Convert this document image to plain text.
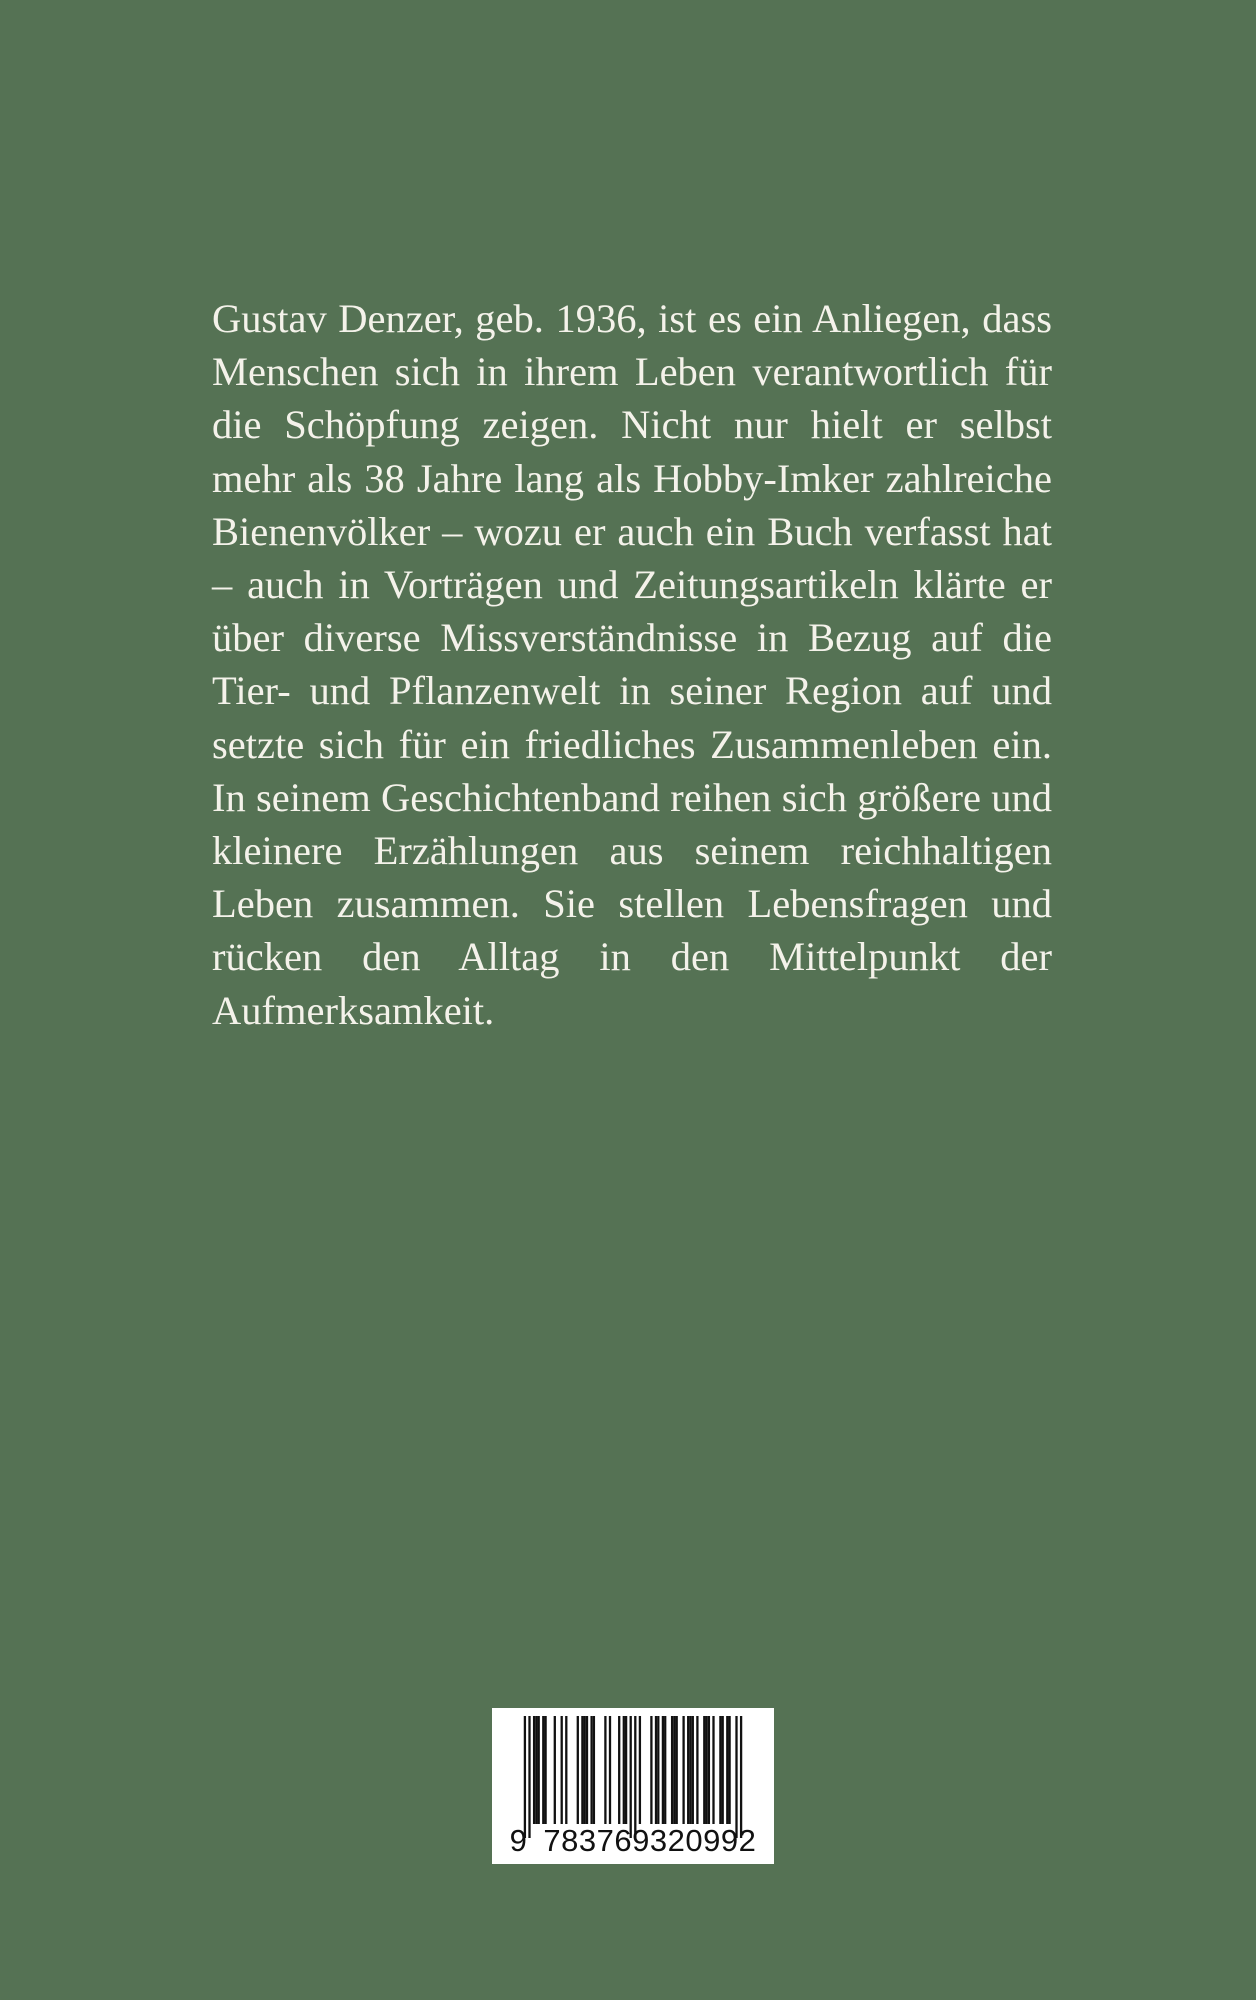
Gustav Denzer, geb. 1936, ist es ein Anliegen, dass Menschen sich in ihrem Leben verantwortlich für die Schöpfung zeigen. Nicht nur hielt er selbst mehr als 38 Jahre lang als Hobby-Imker zahlreiche Bienenvölker – wozu er auch ein Buch verfasst hat – auch in Vorträgen und Zeitungsartikeln klärte er über diverse Missverständnisse in Bezug auf die Tier- und Pflanzenwelt in seiner Region auf und setzte sich für ein friedliches Zusammenleben ein. In seinem Geschichtenband reihen sich größere und kleinere Erzählungen aus seinem reichhaltigen Leben zusammen. Sie stellen Lebensfragen und rücken den Alltag in den Mittelpunkt der Aufmerksamkeit.

9 783769320992
